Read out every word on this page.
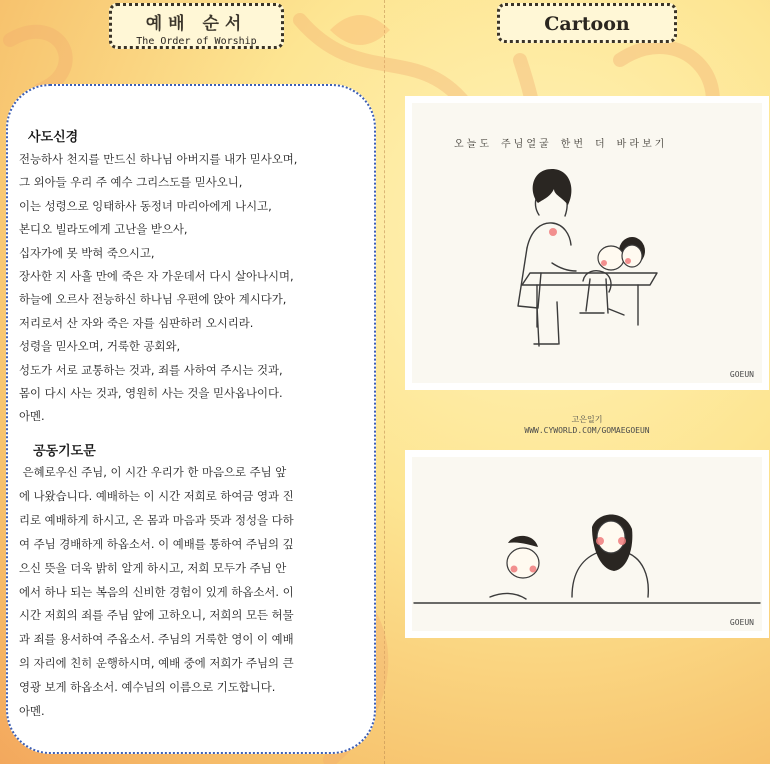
예배 순서
The Order of Worship
Cartoon
사도신경
전능하사 천지를 만드신 하나님 아버지를 내가 믿사오며,
그 외아들 우리 주 예수 그리스도를 믿사오니,
이는 성령으로 잉태하사 동정녀 마리아에게 나시고,
본디오 빌라도에게 고난을 받으사,
십자가에 못 박혀 죽으시고,
장사한 지 사흘 만에 죽은 자 가운데서 다시 살아나시며,
하늘에 오르사 전능하신 하나님 우편에 앉아 계시다가,
저리로서 산 자와 죽은 자를 심판하러 오시리라.
성령을 믿사오며, 거룩한 공회와,
성도가 서로 교통하는 것과, 죄를 사하여 주시는 것과,
몸이 다시 사는 것과, 영원히 사는 것을 믿사옵나이다.
아멘.
공동기도문
은혜로우신 주님, 이 시간 우리가 한 마음으로 주님 앞
에 나왔습니다. 예배하는 이 시간 저희로 하여금 영과 진
리로 예배하게 하시고, 온 몸과 마음과 뜻과 정성을 다하
여 주님 경배하게 하옵소서. 이 예배를 통하여 주님의 깊
으신 뜻을 더욱 밝히 알게 하시고, 저희 모두가 주님 안
에서 하나 되는 복음의 신비한 경험이 있게 하옵소서. 이
시간 저희의 죄를 주님 앞에 고하오니, 저희의 모든 허물
과 죄를 용서하여 주옵소서. 주님의 거룩한 영이 이 예배
의 자리에 친히 운행하시며, 예배 중에 저희가 주님의 큰
영광 보게 하옵소서. 예수님의 이름으로 기도합니다.
아멘.
오늘도 주님얼굴 한번 더 바라보기
GOEUN
고은일기
WWW.CYWORLD.COM/GOMAEGOEUN
GOEUN
